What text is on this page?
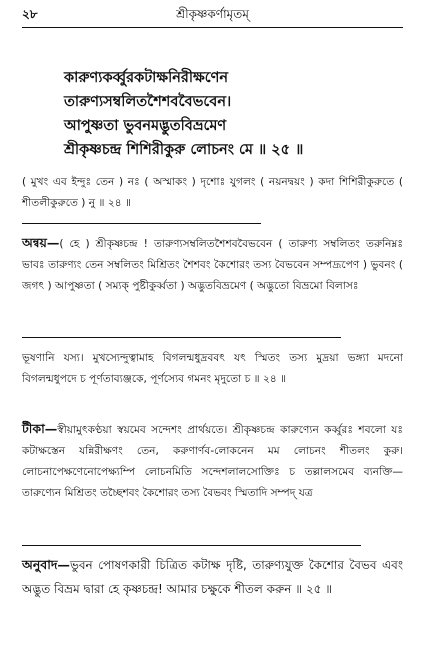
২৮	শ্রীকৃষ্ণকর্ণামৃতম্
কারুণ্যকর্ব্বুরকটাক্ষনিরীক্ষণেন
তারুণ্যসম্বলিতশৈশববৈভবেন।
আপুষ্ণতা ভুবনমদ্ভুতবিভ্রমেণ
শ্রীকৃষ্ণচন্দ্র শিশিরীকুরু লোচনং মে ॥ ২৫ ॥

( মুখং এব ইন্দুঃ তেন ) নঃ ( অস্মাকং ) দৃশোঃ যুগলং ( নয়নদ্বয়ং ) কদা শিশিরীকুরুতে ( শীতলীকুরুতে ) নু ॥ ২৪ ॥

অন্বয়—( হে ) শ্রীকৃষ্ণচন্দ্র ! তারুণ্যসম্বলিতশৈশববৈভবেন ( তারুণ্য সম্বলিতং তরুনিম্নঃ ভাবঃ তারুণ্যং তেন সম্বলিতং মিশ্রিতং শৈশবং কৈশোরং তস্য বৈভবেন সম্পদ্রূপেণ ) ভুবনং ( জগৎ ) আপুষ্ণতা ( সম্যক্ পুষ্টীকুর্ব্বতা ) অদ্ভুতবিভ্রমেণ ( অদ্ভুতো বিভ্রমো বিলাসঃ

ভূষণানি যস্য। মুখস্যেন্দুত্বামাহ বিগলন্মধুদ্রববৎ যৎ স্মিতং তস্য মুদ্রয়া ভঙ্গ্যা মদনো বিগলন্মধুপদে চ পূর্ণতাব্যঞ্জকে, পূর্ণস্যেব গমনং মৃদুতো চ ॥ ২৪ ॥

টীকা—স্বীয়ামুৎকণ্ঠয়া স্বয়মেব সন্দেশং প্রার্থয়তে। শ্রীকৃষ্ণচন্দ্র কারুণ্যেন কর্ব্বুরঃ শবলো যঃ কটাক্ষস্তেন যন্নিরীক্ষণং তেন, করুণার্ণব-লোকনেন মম লোচনং শীতলং কুরু। লোচনাপেক্ষণেনোপেক্ষ্যম্পি লোচনমিতি সন্দেশলালসোক্তিঃ চ তল্লালসমেব ব্যনক্তি—তারুণ্যেন মিশ্রিতং তচ্ছৈশবং কৈশোরং তস্য বৈভবং স্মিতাদি সম্পদ্ যত্র

অনুবাদ—ভুবন পোষণকারী চিত্রিত কটাক্ষ দৃষ্টি, তারুণ্যযুক্ত কৈশোর বৈভব এবং অদ্ভুত বিভ্রম দ্বারা হে কৃষ্ণচন্দ্র! আমার চক্ষুকে শীতল করুন ॥ ২৫ ॥
